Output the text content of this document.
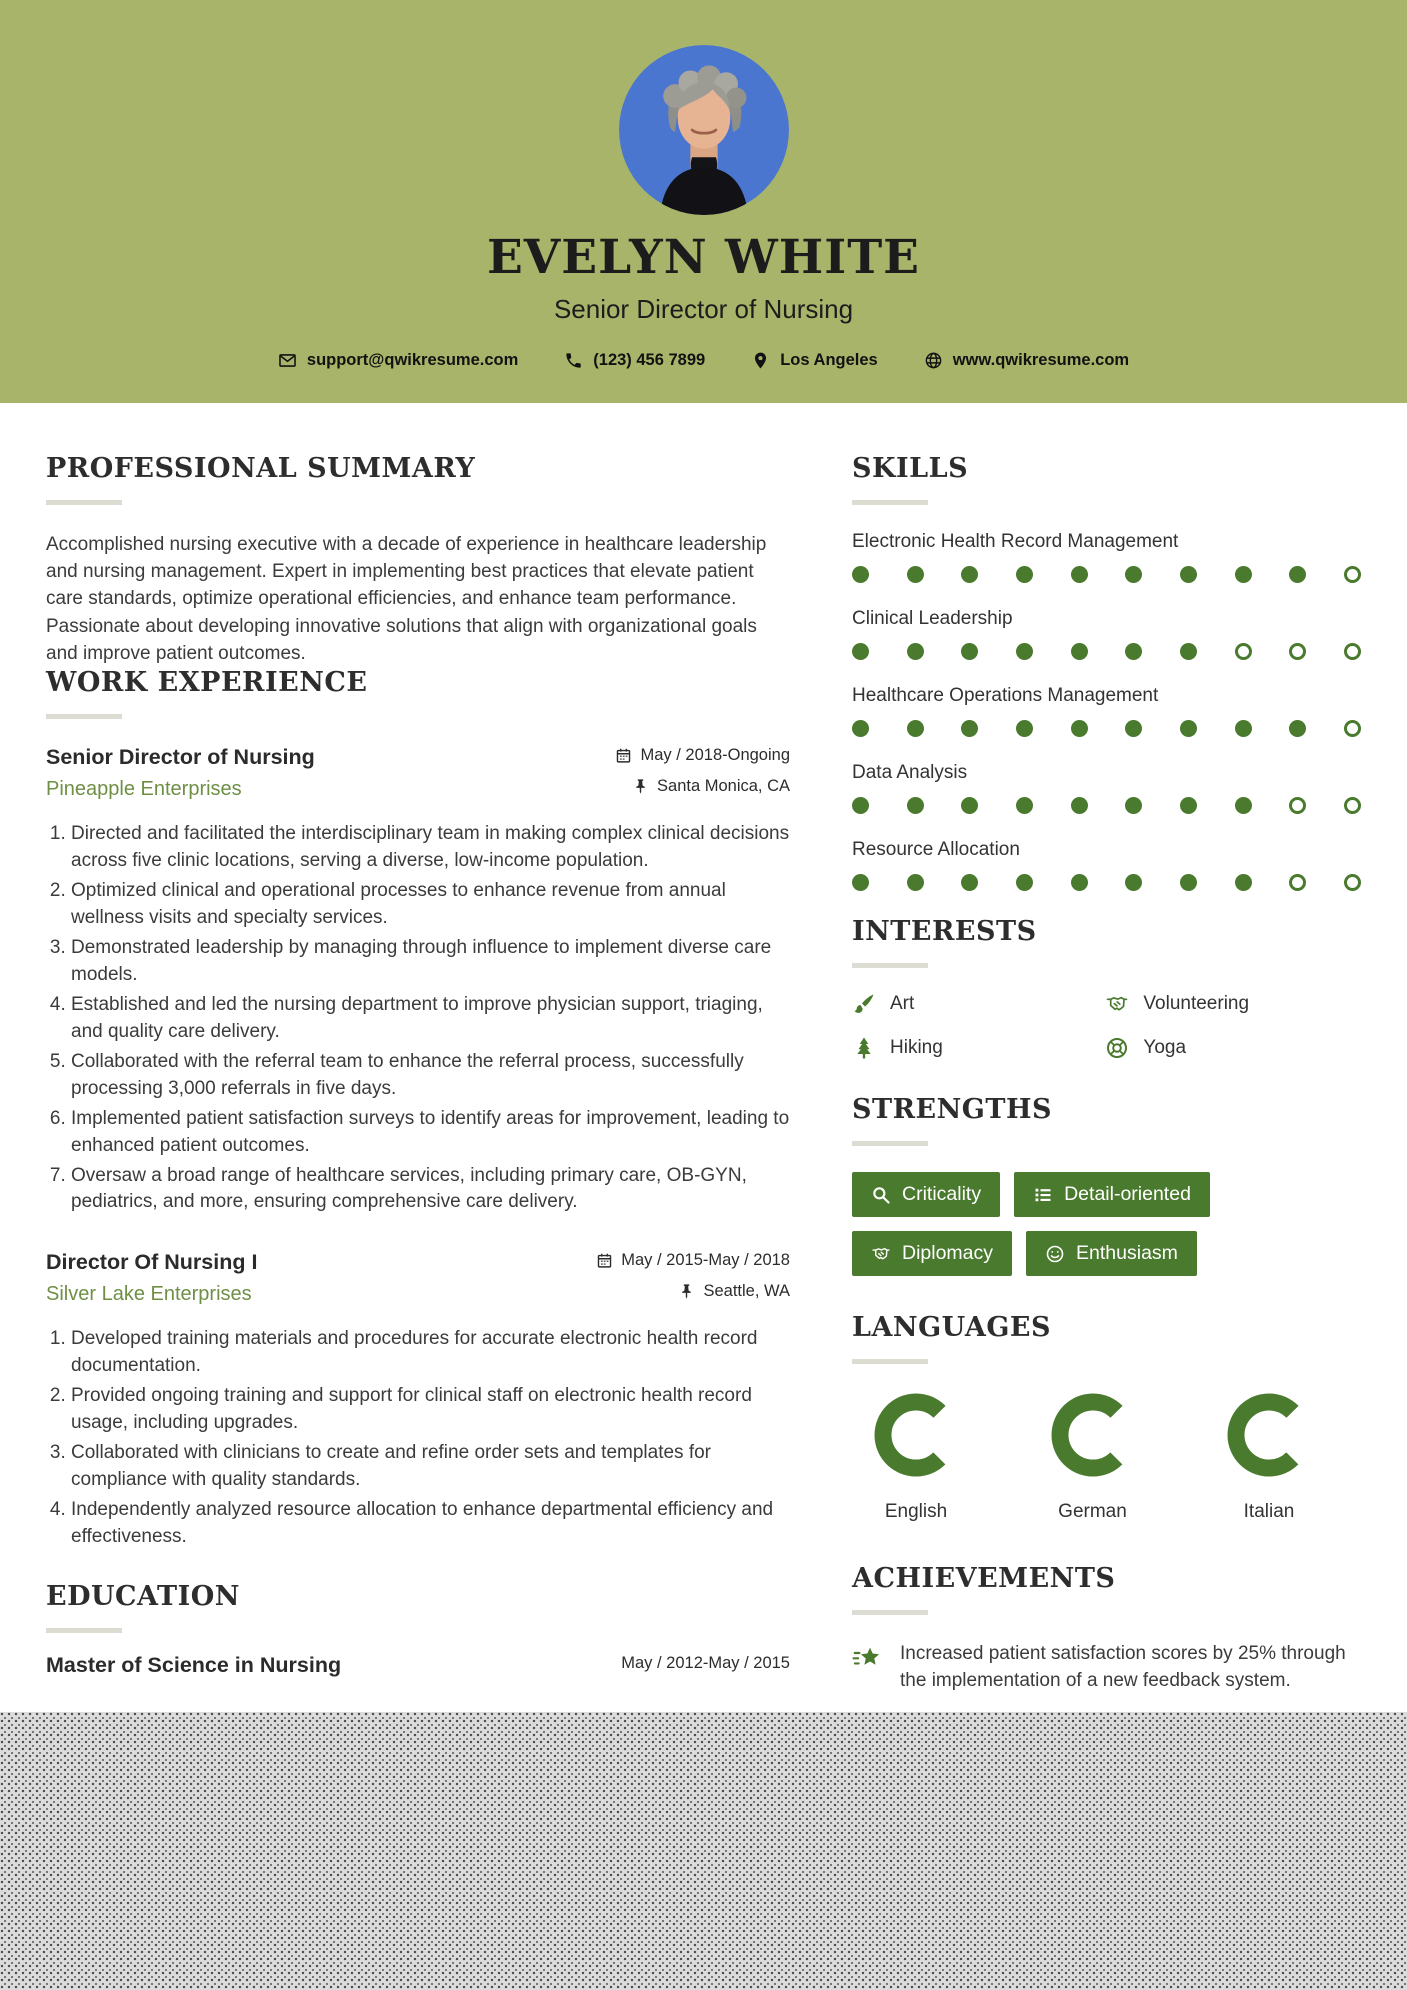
EVELYN WHITE
Senior Director of Nursing
support@qwikresume.com	(123) 456 7899	Los Angeles	www.qwikresume.com
PROFESSIONAL SUMMARY

Accomplished nursing executive with a decade of experience in healthcare leadership and nursing management. Expert in implementing best practices that elevate patient care standards, optimize operational efficiencies, and enhance team performance. Passionate about developing innovative solutions that align with organizational goals and improve patient outcomes.

WORK EXPERIENCE
Senior Director of Nursing	May / 2018-Ongoing
Pineapple Enterprises	Santa Monica, CA
1. Directed and facilitated the interdisciplinary team in making complex clinical decisions across five clinic locations, serving a diverse, low-income population.
2. Optimized clinical and operational processes to enhance revenue from annual wellness visits and specialty services.
3. Demonstrated leadership by managing through influence to implement diverse care models.
4. Established and led the nursing department to improve physician support, triaging, and quality care delivery.
5. Collaborated with the referral team to enhance the referral process, successfully processing 3,000 referrals in five days.
6. Implemented patient satisfaction surveys to identify areas for improvement, leading to enhanced patient outcomes.
7. Oversaw a broad range of healthcare services, including primary care, OB-GYN, pediatrics, and more, ensuring comprehensive care delivery.
Director Of Nursing I	May / 2015-May / 2018
Silver Lake Enterprises	Seattle, WA
1. Developed training materials and procedures for accurate electronic health record documentation.
2. Provided ongoing training and support for clinical staff on electronic health record usage, including upgrades.
3. Collaborated with clinicians to create and refine order sets and templates for compliance with quality standards.
4. Independently analyzed resource allocation to enhance departmental efficiency and effectiveness.
EDUCATION
Master of Science in Nursing	May / 2012-May / 2015
SKILLS
Electronic Health Record Management
Clinical Leadership
Healthcare Operations Management
Data Analysis
Resource Allocation
INTERESTS
Art	Volunteering
Hiking	Yoga
STRENGTHS
Criticality	Detail-oriented
Diplomacy	Enthusiasm
LANGUAGES
English	German	Italian
ACHIEVEMENTS
Increased patient satisfaction scores by 25% through the implementation of a new feedback system.
